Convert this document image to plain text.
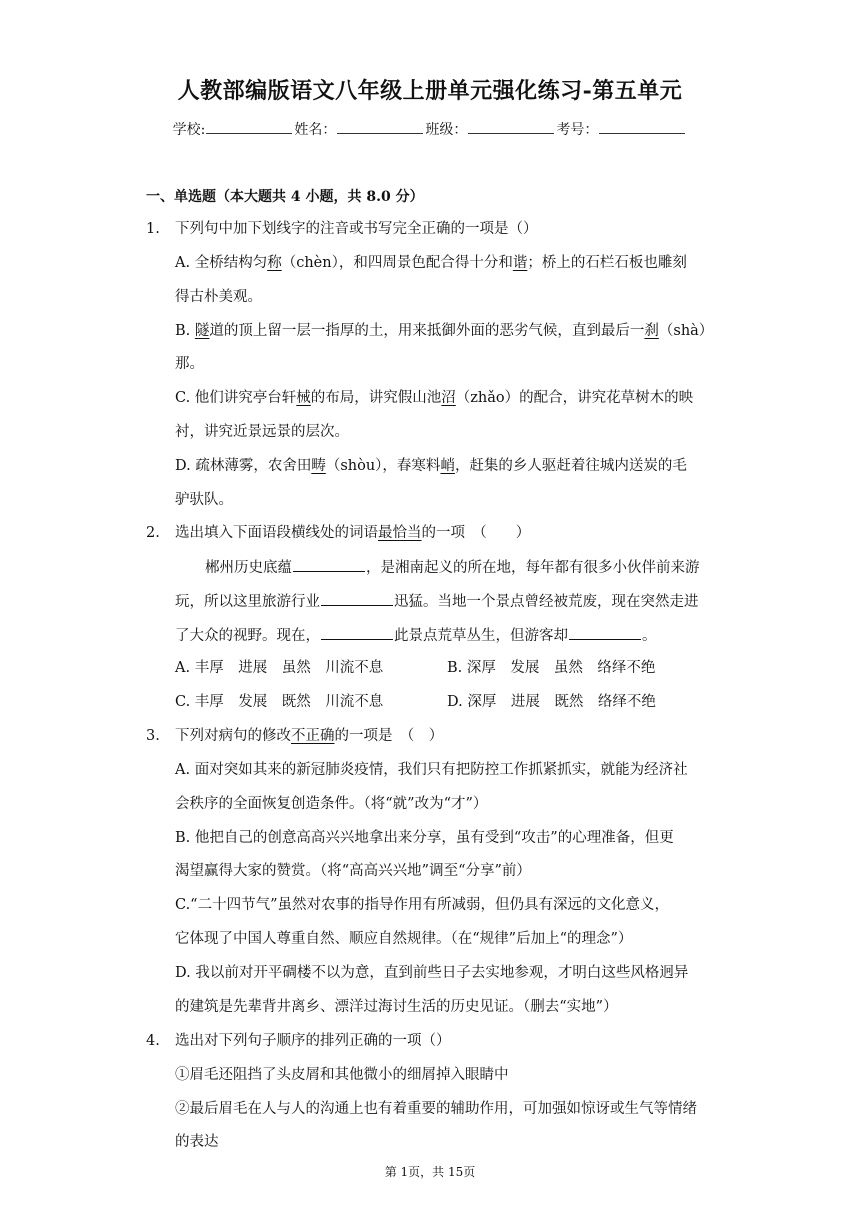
人教部编版语文八年级上册单元强化练习-第五单元
学校:	姓名：	班级：	考号：
一、单选题（本大题共 4 小题，共 8.0 分）
1. 下列句中加下划线字的注音或书写完全正确的一项是（）
A. 全桥结构匀称（chèn），和四周景色配合得十分和谐；桥上的石栏石板也雕刻
得古朴美观。
B. 隧道的顶上留一层一指厚的土，用来抵御外面的恶劣气候，直到最后一刹（shà）
那。
C. 他们讲究亭台轩械的布局，讲究假山池沼（zhǎo）的配合，讲究花草树木的映
衬，讲究近景远景的层次。
D. 疏林薄雾，农舍田畴（shòu），春寒料峭，赶集的乡人驱赶着往城内送炭的毛
驴驮队。
2. 选出填入下面语段横线处的词语最恰当的一项　（　　）
郴州历史底蕴	，是湘南起义的所在地，每年都有很多小伙伴前来游
玩，所以这里旅游行业	迅猛。当地一个景点曾经被荒废，现在突然走进
了大众的视野。现在，	此景点荒草丛生，但游客却	。
A. 丰厚　进展　虽然　川流不息	B. 深厚　发展　虽然　络绎不绝
C. 丰厚　发展　既然　川流不息	D. 深厚　进展　既然　络绎不绝
3. 下列对病句的修改不正确的一项是　（　）
A. 面对突如其来的新冠肺炎疫情，我们只有把防控工作抓紧抓实，就能为经济社
会秩序的全面恢复创造条件。（将“就”改为“才”）
B. 他把自己的创意高高兴兴地拿出来分享，虽有受到“攻击”的心理准备，但更
渴望赢得大家的赞赏。（将“高高兴兴地”调至“分享”前）
C.“二十四节气”虽然对农事的指导作用有所减弱，但仍具有深远的文化意义，
它体现了中国人尊重自然、顺应自然规律。（在“规律”后加上“的理念”）
D. 我以前对开平碉楼不以为意，直到前些日子去实地参观，才明白这些风格迥异
的建筑是先辈背井离乡、漂洋过海讨生活的历史见证。（删去“实地”）
4. 选出对下列句子顺序的排列正确的一项（）
①眉毛还阻挡了头皮屑和其他微小的细屑掉入眼睛中
②最后眉毛在人与人的沟通上也有着重要的辅助作用，可加强如惊讶或生气等情绪
的表达
第 1页，共 15页
